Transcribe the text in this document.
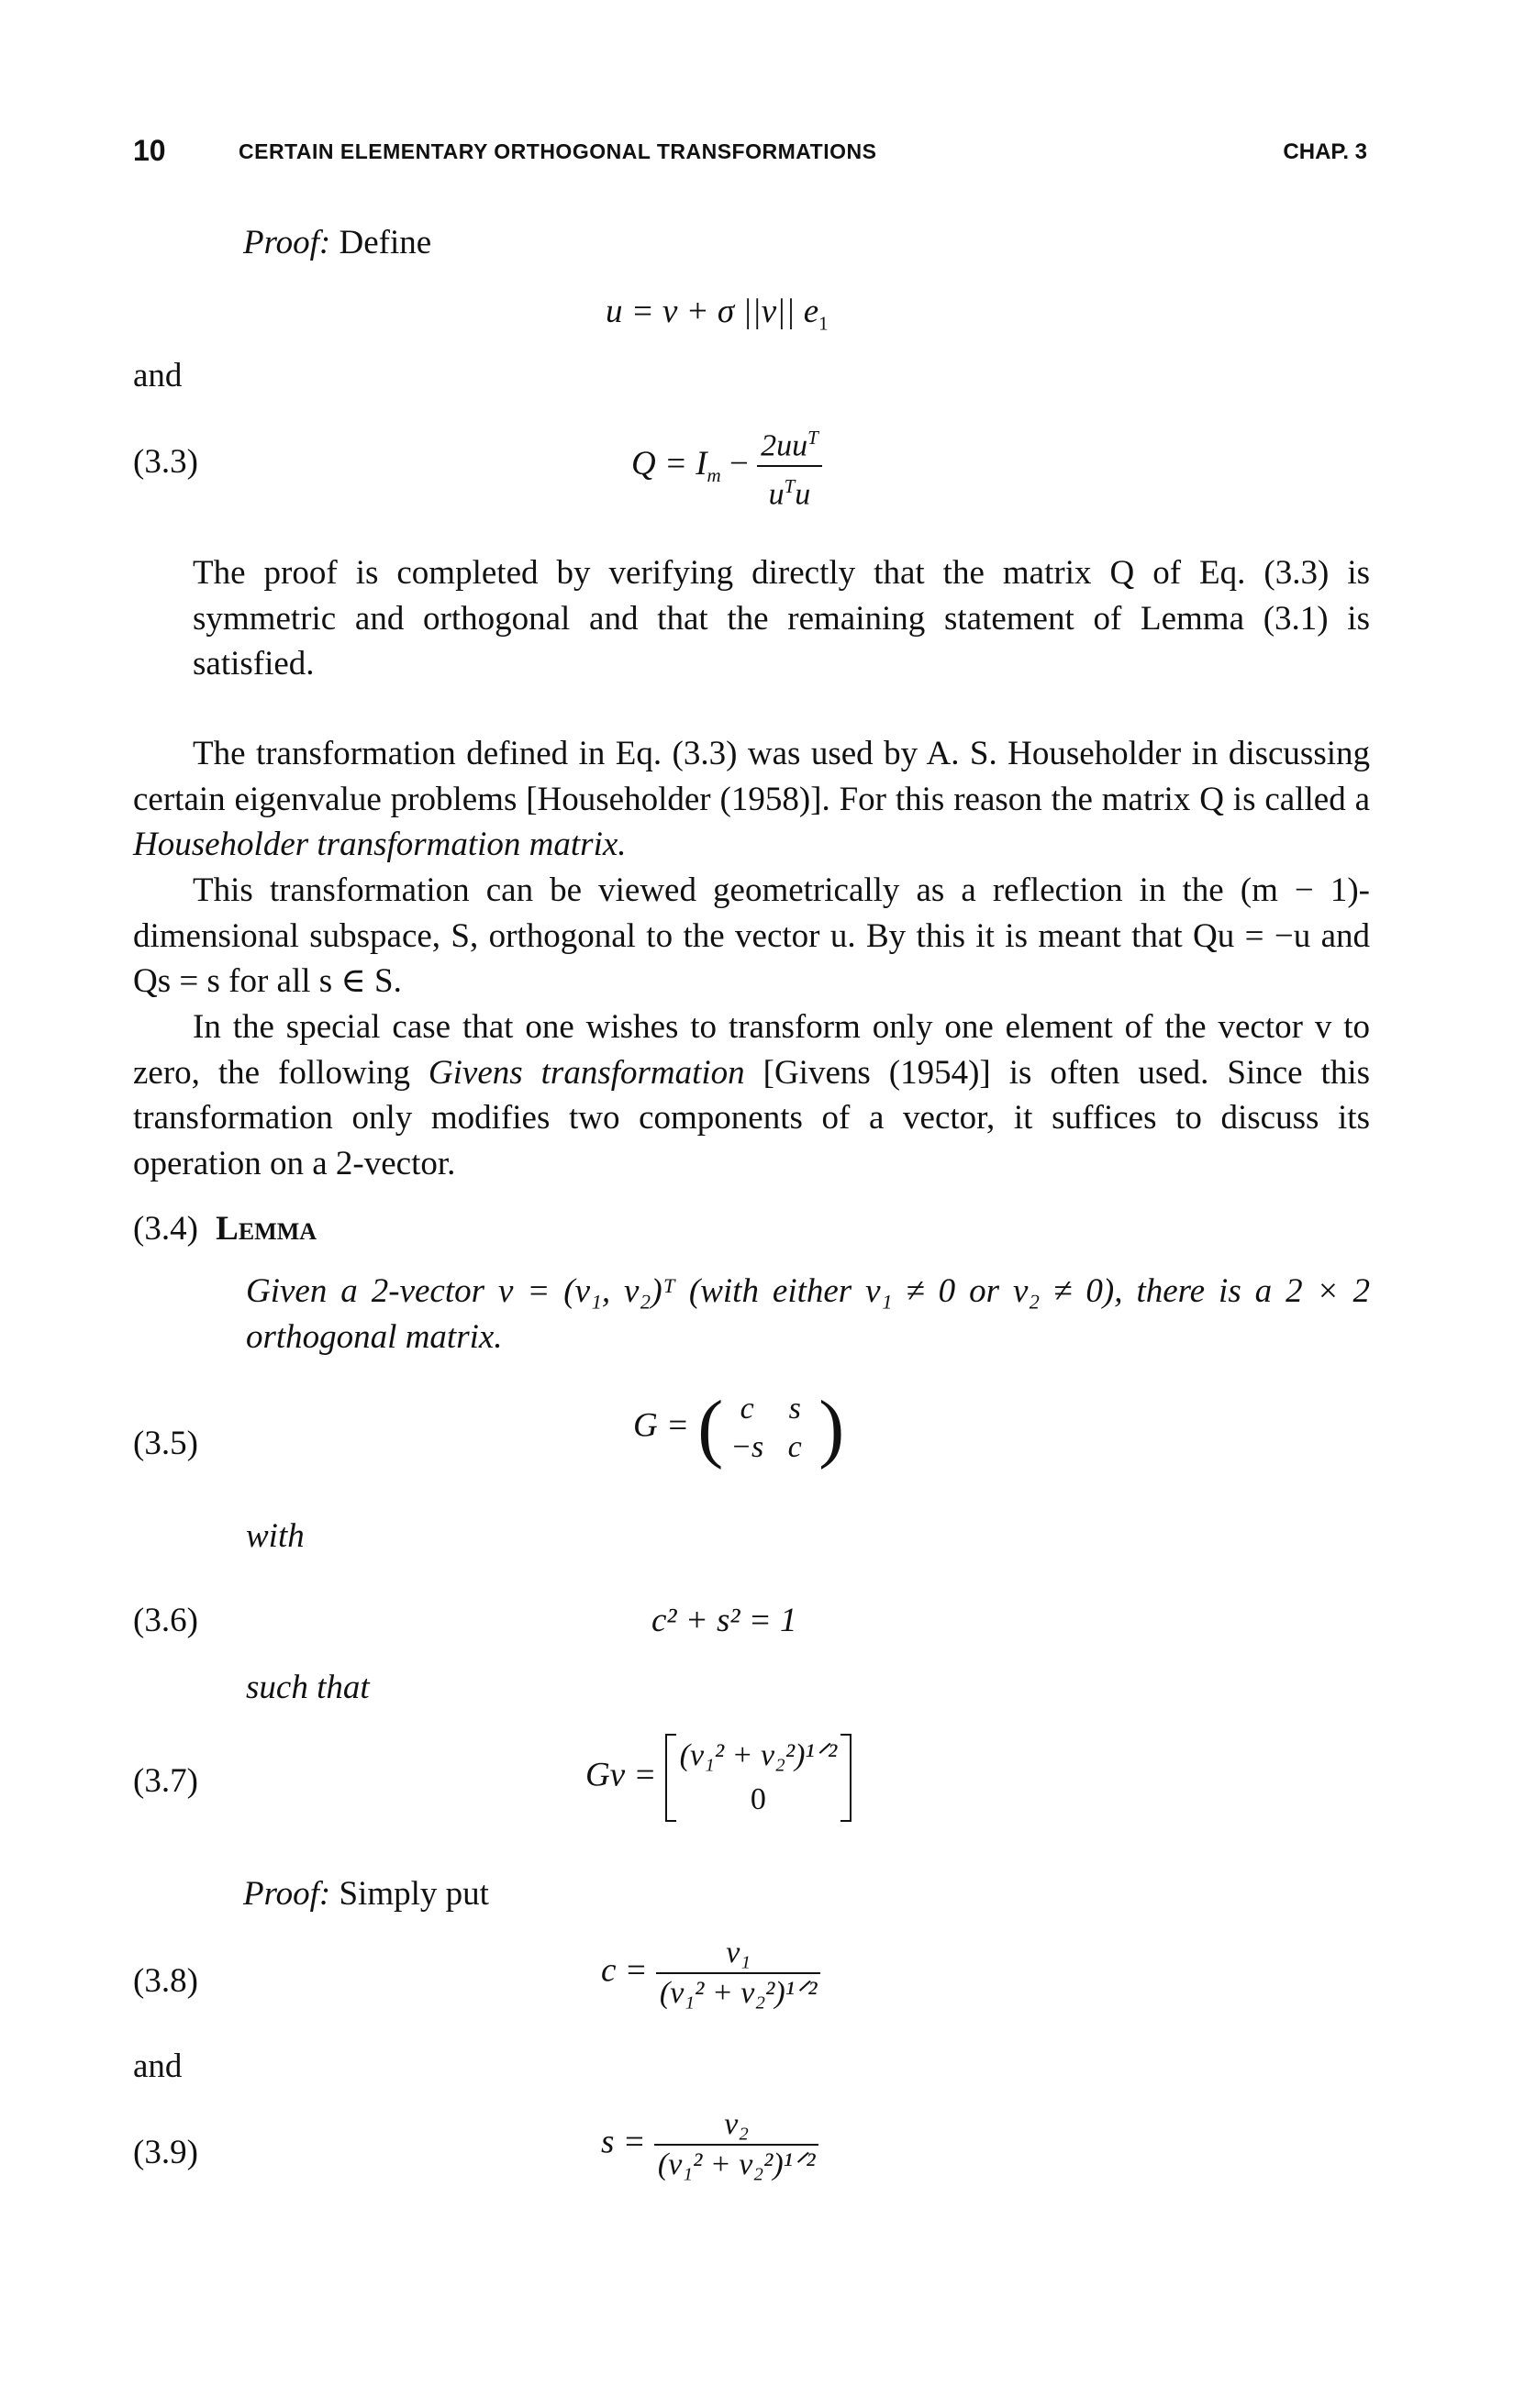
10	CERTAIN ELEMENTARY ORTHOGONAL TRANSFORMATIONS	CHAP. 3
Proof: Define
u = v + σ ||v|| $e_1$
and
(3.3)	$Q = I_m - \frac{2uu^T}{u^Tu}$
The proof is completed by verifying directly that the matrix Q of Eq. (3.3) is symmetric and orthogonal and that the remaining statement of Lemma (3.1) is satisfied.
The transformation defined in Eq. (3.3) was used by A. S. Householder in discussing certain eigenvalue problems [Householder (1958)]. For this reason the matrix Q is called a Householder transformation matrix.
This transformation can be viewed geometrically as a reflection in the (m − 1)-dimensional subspace, S, orthogonal to the vector u. By this it is meant that Qu = −u and Qs = s for all s ∈ S.
In the special case that one wishes to transform only one element of the vector v to zero, the following Givens transformation [Givens (1954)] is often used. Since this transformation only modifies two components of a vector, it suffices to discuss its operation on a 2-vector.
(3.4) Lemma
Given a 2-vector v = (v₁, v₂)ᵀ (with either v₁ ≠ 0 or v₂ ≠ 0), there is a 2 × 2 orthogonal matrix.
(3.5)	G = ( c s
−s c )
with
(3.6)	c² + s² = 1
such that
(3.7)	Gv = (v₁² + v₂²)¹ᐟ²
0
Proof: Simply put
(3.8)	$c = \frac{\text{v₁}}{\text{(v₁² + v₂²)¹ᐟ²}}$
and
(3.9)	$s = \frac{\text{v₂}}{\text{(v₁² + v₂²)¹ᐟ²}}$
